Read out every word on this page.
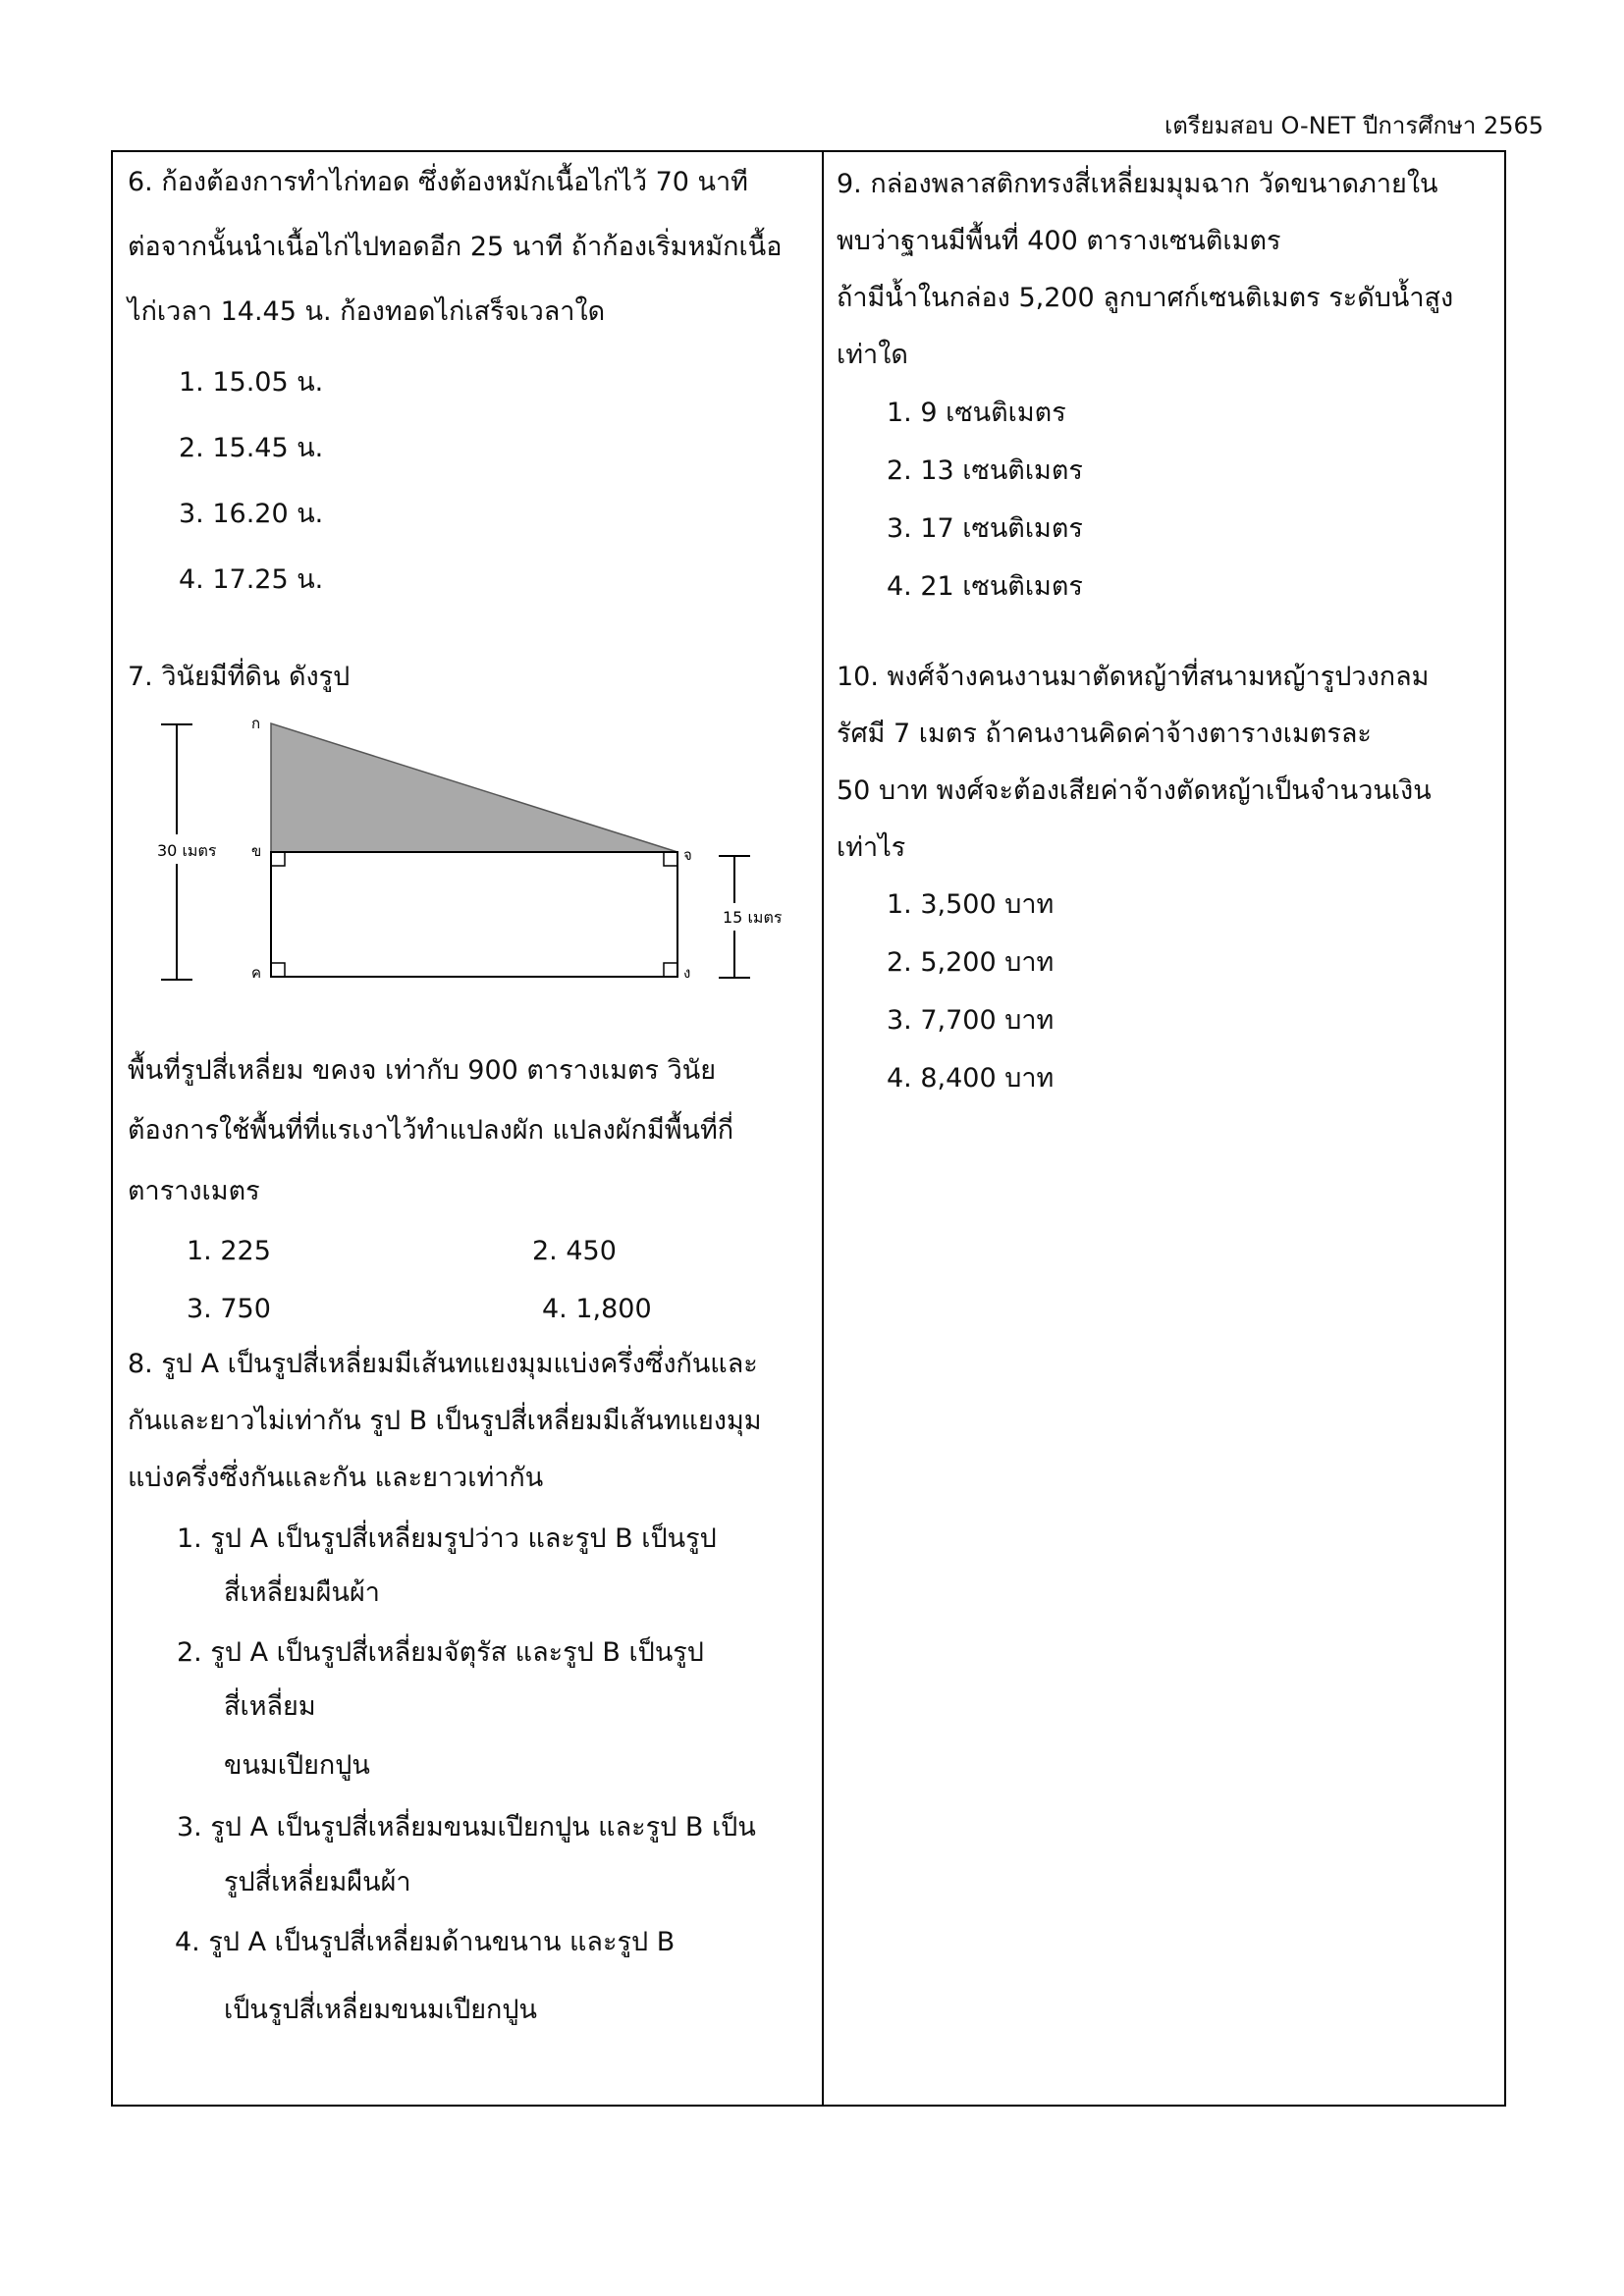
เตรียมสอบ O-NET ปีการศึกษา 2565
6. ก้องต้องการทำไก่ทอด ซึ่งต้องหมักเนื้อไก่ไว้ 70 นาที
ต่อจากนั้นนำเนื้อไก่ไปทอดอีก 25 นาที ถ้าก้องเริ่มหมักเนื้อ
ไก่เวลา 14.45 น. ก้องทอดไก่เสร็จเวลาใด
1. 15.05 น.
2. 15.45 น.
3. 16.20 น.
4. 17.25 น.
7. วินัยมีที่ดิน ดังรูป
30 เมตร
15 เมตร
ก
ข
ค	ง
จ
พื้นที่รูปสี่เหลี่ยม ขคงจ เท่ากับ 900 ตารางเมตร วินัย
ต้องการใช้พื้นที่ที่แรเงาไว้ทำแปลงผัก แปลงผักมีพื้นที่กี่
ตารางเมตร
1. 225	2. 450
3. 750	4. 1,800
8. รูป A เป็นรูปสี่เหลี่ยมมีเส้นทแยงมุมแบ่งครึ่งซึ่งกันและ
กันและยาวไม่เท่ากัน รูป B เป็นรูปสี่เหลี่ยมมีเส้นทแยงมุม
แบ่งครึ่งซึ่งกันและกัน และยาวเท่ากัน
1. รูป A เป็นรูปสี่เหลี่ยมรูปว่าว และรูป B เป็นรูป
สี่เหลี่ยมผืนผ้า
2. รูป A เป็นรูปสี่เหลี่ยมจัตุรัส และรูป B เป็นรูป
สี่เหลี่ยม
ขนมเปียกปูน
3. รูป A เป็นรูปสี่เหลี่ยมขนมเปียกปูน และรูป B เป็น
รูปสี่เหลี่ยมผืนผ้า
4. รูป A เป็นรูปสี่เหลี่ยมด้านขนาน และรูป B
เป็นรูปสี่เหลี่ยมขนมเปียกปูน
9. กล่องพลาสติกทรงสี่เหลี่ยมมุมฉาก วัดขนาดภายใน
พบว่าฐานมีพื้นที่ 400 ตารางเซนติเมตร
ถ้ามีน้ำในกล่อง 5,200 ลูกบาศก์เซนติเมตร ระดับน้ำสูง
เท่าใด
1. 9 เซนติเมตร
2. 13 เซนติเมตร
3. 17 เซนติเมตร
4. 21 เซนติเมตร
10. พงศ์จ้างคนงานมาตัดหญ้าที่สนามหญ้ารูปวงกลม
รัศมี 7 เมตร ถ้าคนงานคิดค่าจ้างตารางเมตรละ
50 บาท พงศ์จะต้องเสียค่าจ้างตัดหญ้าเป็นจำนวนเงิน
เท่าไร
1. 3,500 บาท
2. 5,200 บาท
3. 7,700 บาท
4. 8,400 บาท
